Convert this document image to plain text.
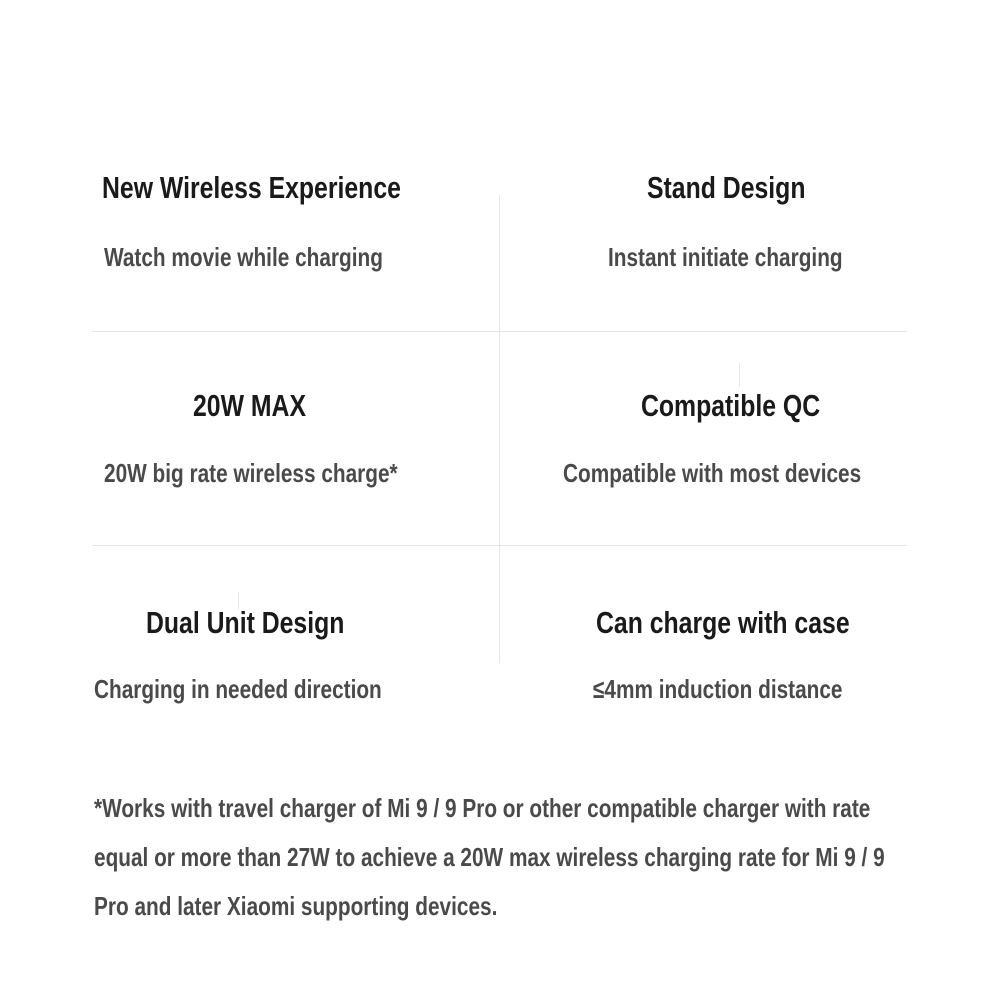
New Wireless Experience

Watch movie while charging

Stand Design

Instant initiate charging

20W MAX

20W big rate wireless charge*

Compatible QC

Compatible with most devices

Dual Unit Design

Charging in needed direction

Can charge with case

≤4mm induction distance

*Works with travel charger of Mi 9 / 9 Pro or other compatible charger with rate equal or more than 27W to achieve a 20W max wireless charging rate for Mi 9 / 9 Pro and later Xiaomi supporting devices.
